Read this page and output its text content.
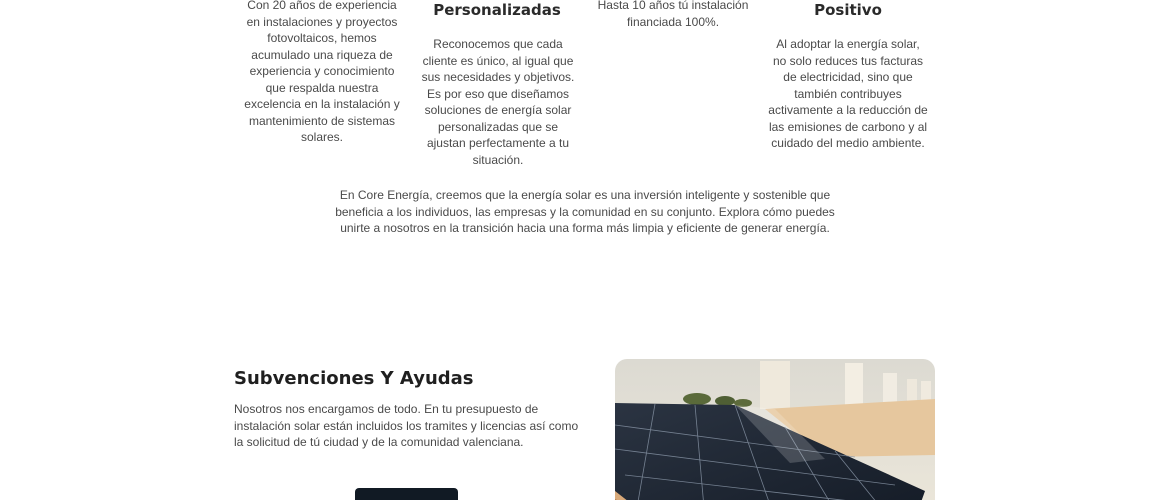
Con 20 años de experiencia en instalaciones y proyectos fotovoltaicos, hemos acumulado una riqueza de experiencia y conocimiento que respalda nuestra excelencia en la instalación y mantenimiento de sistemas solares.
Personalizadas
Reconocemos que cada cliente es único, al igual que sus necesidades y objetivos. Es por eso que diseñamos soluciones de energía solar personalizadas que se ajustan perfectamente a tu situación.
Hasta 10 años tú instalación financiada 100%.
Positivo
Al adoptar la energía solar, no solo reduces tus facturas de electricidad, sino que también contribuyes activamente a la reducción de las emisiones de carbono y al cuidado del medio ambiente.

En Core Energía, creemos que la energía solar es una inversión inteligente y sostenible que beneficia a los individuos, las empresas y la comunidad en su conjunto. Explora cómo puedes unirte a nosotros en la transición hacia una forma más limpia y eficiente de generar energía.

Subvenciones Y Ayudas

Nosotros nos encargamos de todo. En tu presupuesto de instalación solar están incluidos los tramites y licencias así como la solicitud de tú ciudad y de la comunidad valenciana.
